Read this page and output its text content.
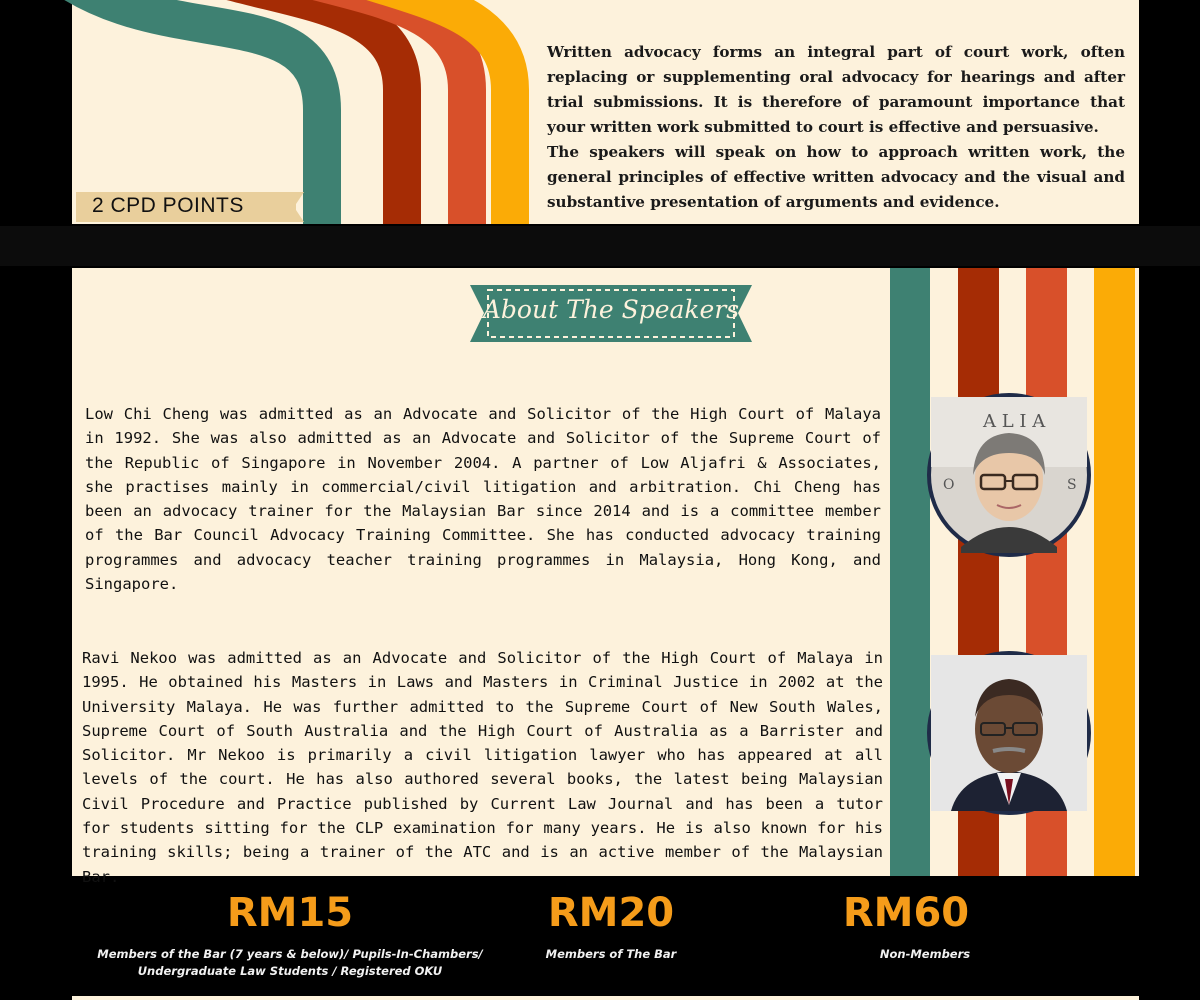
2 CPD POINTS

Written advocacy forms an integral part of court work, often replacing or supplementing oral advocacy for hearings and after trial submissions. It is therefore of paramount importance that your written work submitted to court is effective and persuasive.

The speakers will speak on how to approach written work, the general principles of effective written advocacy and the visual and substantive presentation of arguments and evidence.

About The Speakers

Low Chi Cheng was admitted as an Advocate and Solicitor of the High Court of Malaya in 1992. She was also admitted as an Advocate and Solicitor of the Supreme Court of the Republic of Singapore in November 2004. A partner of Low Aljafri & Associates, she practises mainly in commercial/civil litigation and arbitration. Chi Cheng has been an advocacy trainer for the Malaysian Bar since 2014 and is a committee member of the Bar Council Advocacy Training Committee. She has conducted advocacy training programmes and advocacy teacher training programmes in Malaysia, Hong Kong, and Singapore.

Ravi Nekoo was admitted as an Advocate and Solicitor of the High Court of Malaya in 1995. He obtained his Masters in Laws and Masters in Criminal Justice in 2002 at the University Malaya. He was further admitted to the Supreme Court of New South Wales, Supreme Court of South Australia and the High Court of Australia as a Barrister and Solicitor. Mr Nekoo is primarily a civil litigation lawyer who has appeared at all levels of the court. He has also authored several books, the latest being Malaysian Civil Procedure and Practice published by Current Law Journal and has been a tutor for students sitting for the CLP examination for many years. He is also known for his training skills; being a trainer of the ATC and is an active member of the Malaysian Bar.

A L I A
O	S
RM15
Members of the Bar (7 years & below)/ Pupils-In-Chambers/
Undergraduate Law Students / Registered OKU
RM20
Members of The Bar
RM60
Non-Members
